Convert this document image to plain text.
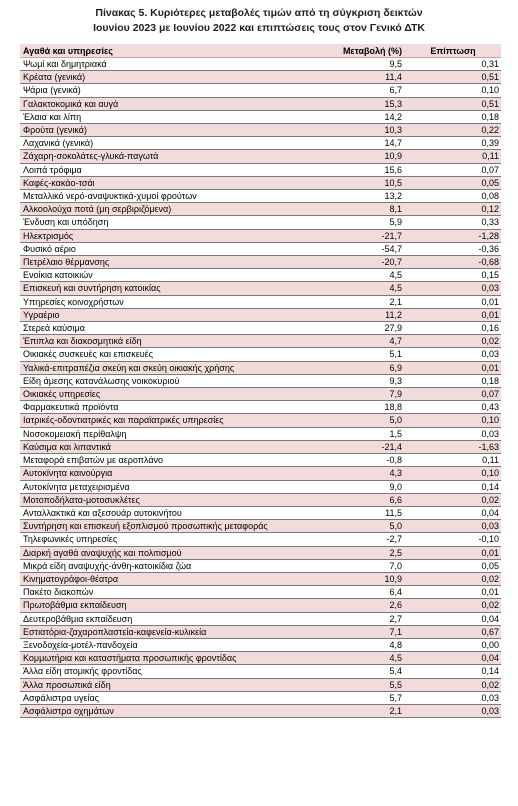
Πίνακας 5. Κυριότερες μεταβολές τιμών από τη σύγκριση δεικτών
Ιουνίου 2023 με Ιουνίου 2022 και επιπτώσεις τους στον Γενικό ΔΤΚ
Αγαθά και υπηρεσίες	Μεταβολή (%)	Επίπτωση
Ψωμί και δημητριακά	9,5	0,31
Κρέατα (γενικά)	11,4	0,51
Ψάρια (γενικά)	6,7	0,10
Γαλακτοκομικά και αυγά	15,3	0,51
Έλαια και λίπη	14,2	0,18
Φρούτα (γενικά)	10,3	0,22
Λαχανικά (γενικά)	14,7	0,39
Ζάχαρη-σοκολάτες-γλυκά-παγωτά	10,9	0,11
Λοιπά τρόφιμα	15,6	0,07
Καφές-κακάο-τσάι	10,5	0,05
Μεταλλικό νερό-αναψυκτικά-χυμοί φρούτων	13,2	0,08
Αλκοολούχα ποτά (μη σερβιριζόμενα)	8,1	0,12
Ένδυση και υπόδηση	5,9	0,33
Ηλεκτρισμός	-21,7	-1,28
Φυσικό αέριο	-54,7	-0,36
Πετρέλαιο θέρμανσης	-20,7	-0,68
Ενοίκια κατοικιών	4,5	0,15
Επισκευή και συντήρηση κατοικίας	4,5	0,03
Υπηρεσίες κοινοχρήστων	2,1	0,01
Υγραέριο	11,2	0,01
Στερεά καύσιμα	27,9	0,16
Έπιπλα και διακοσμητικά είδη	4,7	0,02
Οικιακές συσκευές και επισκευές	5,1	0,03
Υαλικά-επιτραπέζια σκεύη και σκεύη οικιακής χρήσης	6,9	0,01
Είδη άμεσης κατανάλωσης νοικοκυριού	9,3	0,18
Οικιακές υπηρεσίες	7,9	0,07
Φαρμακευτικά προϊόντα	18,8	0,43
Ιατρικές-οδοντιατρικές και παραϊατρικές υπηρεσίες	5,0	0,10
Νοσοκομειακή περίθαλψη	1,5	0,03
Καύσιμα και λιπαντικά	-21,4	-1,63
Μεταφορά επιβατών με αεροπλάνο	-0,8	0,11
Αυτοκίνητα καινούργια	4,3	0,10
Αυτοκίνητα μεταχειρισμένα	9,0	0,14
Μοτοποδήλατα-μοτοσυκλέτες	6,6	0,02
Ανταλλακτικά και αξεσουάρ αυτοκινήτου	11,5	0,04
Συντήρηση και επισκευή εξοπλισμού προσωπικής μεταφοράς	5,0	0,03
Τηλεφωνικές υπηρεσίες	-2,7	-0,10
Διαρκή αγαθά αναψυχής και πολιτισμού	2,5	0,01
Μικρά είδη αναψυχής-άνθη-κατοικίδια ζώα	7,0	0,05
Κινηματογράφοι-θέατρα	10,9	0,02
Πακέτο διακοπών	6,4	0,01
Πρωτοβάθμια εκπαίδευση	2,6	0,02
Δευτεροβάθμια εκπαίδευση	2,7	0,04
Εστιατόρια-ζαχαροπλαστεία-καφενεία-κυλικεία	7,1	0,67
Ξενοδοχεία-μοτέλ-πανδοχεία	4,8	0,00
Κομμωτήρια και καταστήματα προσωπικής φροντίδας	4,5	0,04
Άλλα είδη ατομικής φροντίδας	5,4	0,14
Άλλα προσωπικά είδη	5,5	0,02
Ασφάλιστρα υγείας	5,7	0,03
Ασφάλιστρα οχημάτων	2,1	0,03
